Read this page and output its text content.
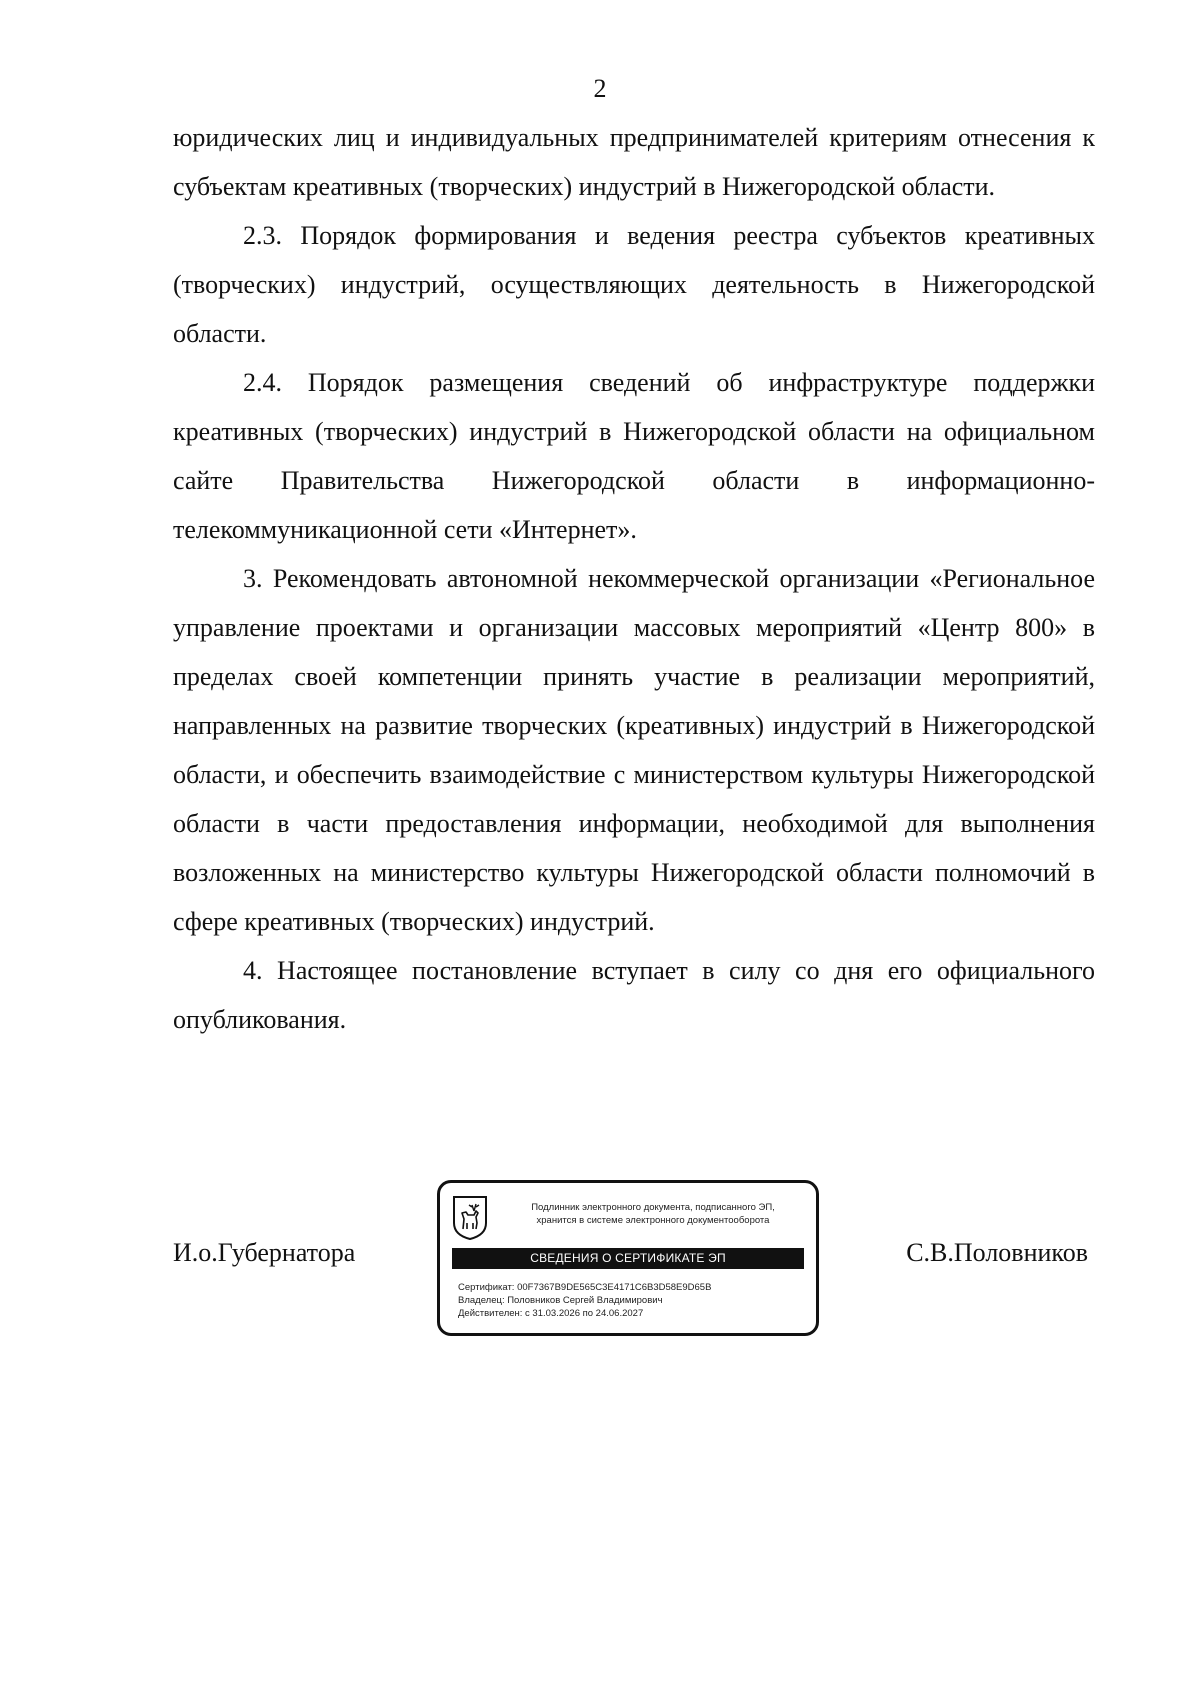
2

юридических лиц и индивидуальных предпринимателей критериям отнесения к субъектам креативных (творческих) индустрий в Нижегородской области.

2.3. Порядок формирования и ведения реестра субъектов креативных (творческих) индустрий, осуществляющих деятельность в Нижегородской области.

2.4. Порядок размещения сведений об инфраструктуре поддержки креативных (творческих) индустрий в Нижегородской области на официальном сайте Правительства Нижегородской области в информационно-телекоммуникационной сети «Интернет».

3. Рекомендовать автономной некоммерческой организации «Региональное управление проектами и организации массовых мероприятий «Центр 800» в пределах своей компетенции принять участие в реализации мероприятий, направленных на развитие творческих (креативных) индустрий в Нижегородской области, и обеспечить взаимодействие с министерством культуры Нижегородской области в части предоставления информации, необходимой для выполнения возложенных на министерство культуры Нижегородской области полномочий в сфере креативных (творческих) индустрий.

4. Настоящее постановление вступает в силу со дня его официального опубликования.

И.о.Губернатора
Подлинник электронного документа, подписанного ЭП,
хранится в системе электронного документооборота
СВЕДЕНИЯ О СЕРТИФИКАТЕ ЭП
Сертификат: 00F7367B9DE565C3E4171C6B3D58E9D65B
Владелец: Половников Сергей Владимирович
Действителен: с 31.03.2026 по 24.06.2027
С.В.Половников
